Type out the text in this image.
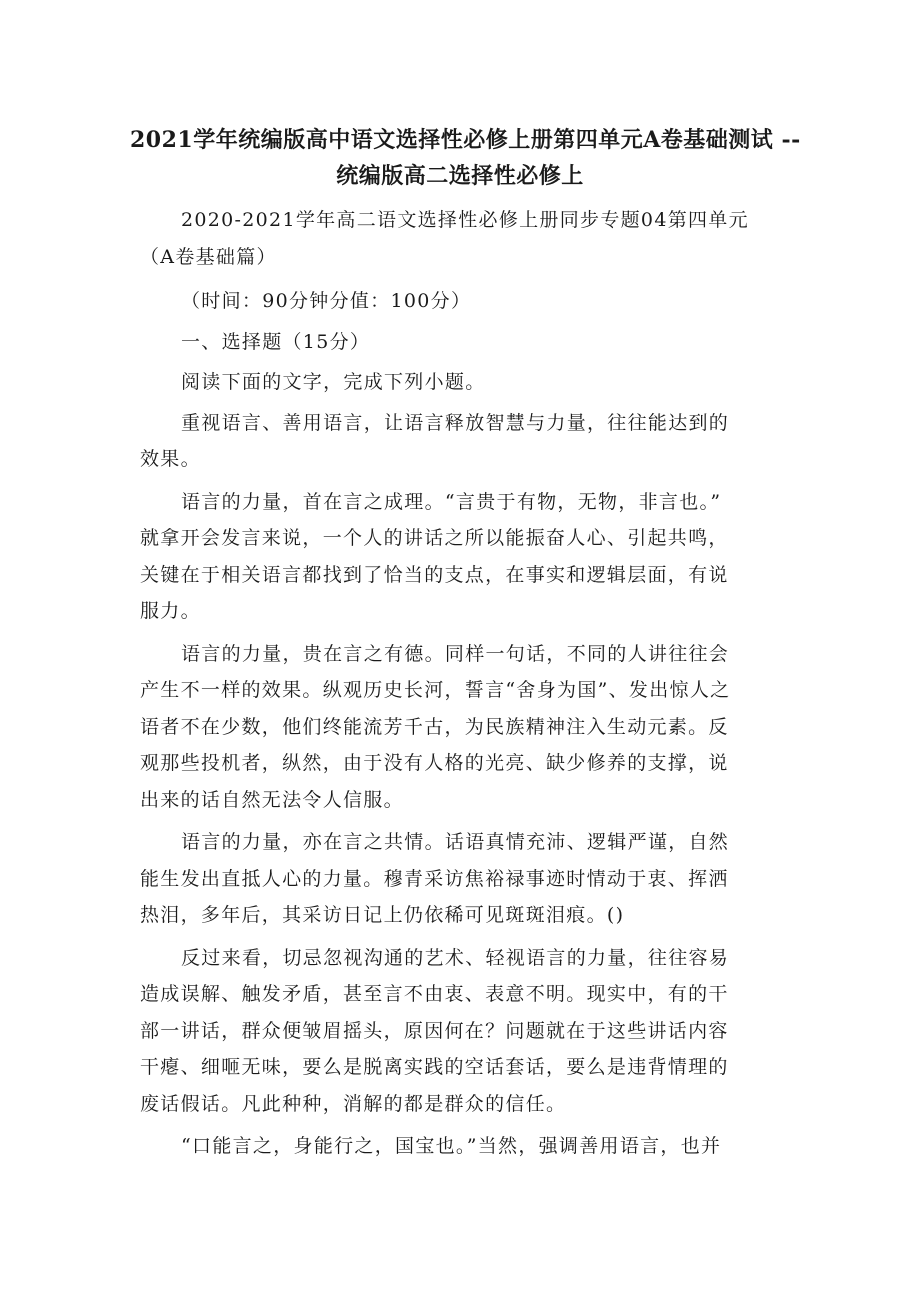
2021学年统编版高中语文选择性必修上册第四单元A卷基础测试 --
统编版高二选择性必修上
2020-2021学年高二语文选择性必修上册同步专题04第四单元
（A卷基础篇）
（时间：90分钟分值：100分）
一、选择题（15分）
阅读下面的文字，完成下列小题。
重视语言、善用语言，让语言释放智慧与力量，往往能达到的
效果。
语言的力量，首在言之成理。“言贵于有物，无物，非言也。”
就拿开会发言来说，一个人的讲话之所以能振奋人心、引起共鸣，
关键在于相关语言都找到了恰当的支点，在事实和逻辑层面，有说
服力。
语言的力量，贵在言之有德。同样一句话，不同的人讲往往会
产生不一样的效果。纵观历史长河，誓言“舍身为国”、发出惊人之
语者不在少数，他们终能流芳千古，为民族精神注入生动元素。反
观那些投机者，纵然，由于没有人格的光亮、缺少修养的支撑，说
出来的话自然无法令人信服。
语言的力量，亦在言之共情。话语真情充沛、逻辑严谨，自然
能生发出直抵人心的力量。穆青采访焦裕禄事迹时情动于衷、挥洒
热泪，多年后，其采访日记上仍依稀可见斑斑泪痕。()
反过来看，切忌忽视沟通的艺术、轻视语言的力量，往往容易
造成误解、触发矛盾，甚至言不由衷、表意不明。现实中，有的干
部一讲话，群众便皱眉摇头，原因何在？问题就在于这些讲话内容
干瘪、细咂无味，要么是脱离实践的空话套话，要么是违背情理的
废话假话。凡此种种，消解的都是群众的信任。
“口能言之，身能行之，国宝也。”当然，强调善用语言，也并
